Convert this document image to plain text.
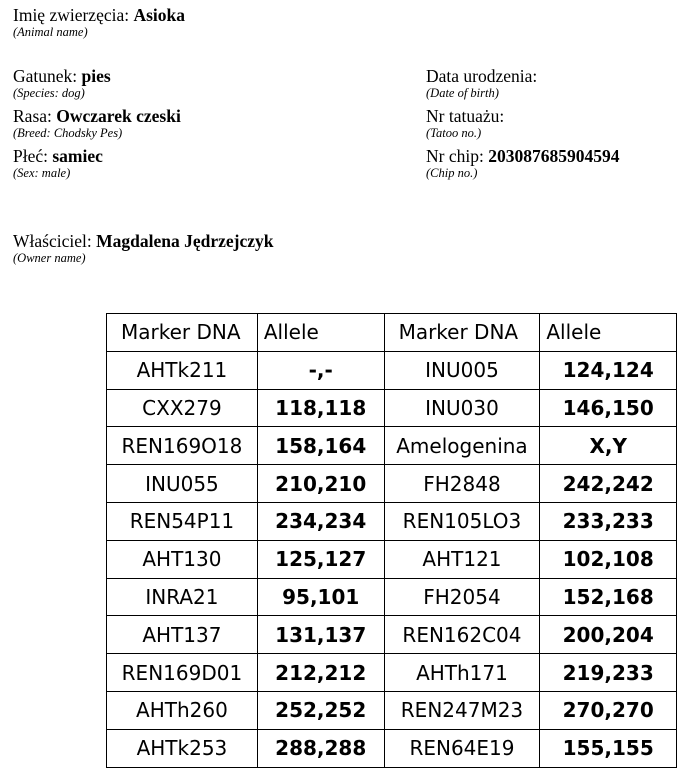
Imię zwierzęcia: Asioka
(Animal name)
Gatunek: pies
(Species: dog)
Rasa: Owczarek czeski
(Breed: Chodsky Pes)
Płeć: samiec
(Sex: male)
Data urodzenia:
(Date of birth)
Nr tatuażu:
(Tatoo no.)
Nr chip: 203087685904594
(Chip no.)
Właściciel: Magdalena Jędrzejczyk
(Owner name)
Marker DNA	Allele	Marker DNA	Allele
AHTk211	-,-	INU005	124,124
CXX279	118,118	INU030	146,150
REN169O18	158,164	Amelogenina	X,Y
INU055	210,210	FH2848	242,242
REN54P11	234,234	REN105LO3	233,233
AHT130	125,127	AHT121	102,108
INRA21	95,101	FH2054	152,168
AHT137	131,137	REN162C04	200,204
REN169D01	212,212	AHTh171	219,233
AHTh260	252,252	REN247M23	270,270
AHTk253	288,288	REN64E19	155,155
